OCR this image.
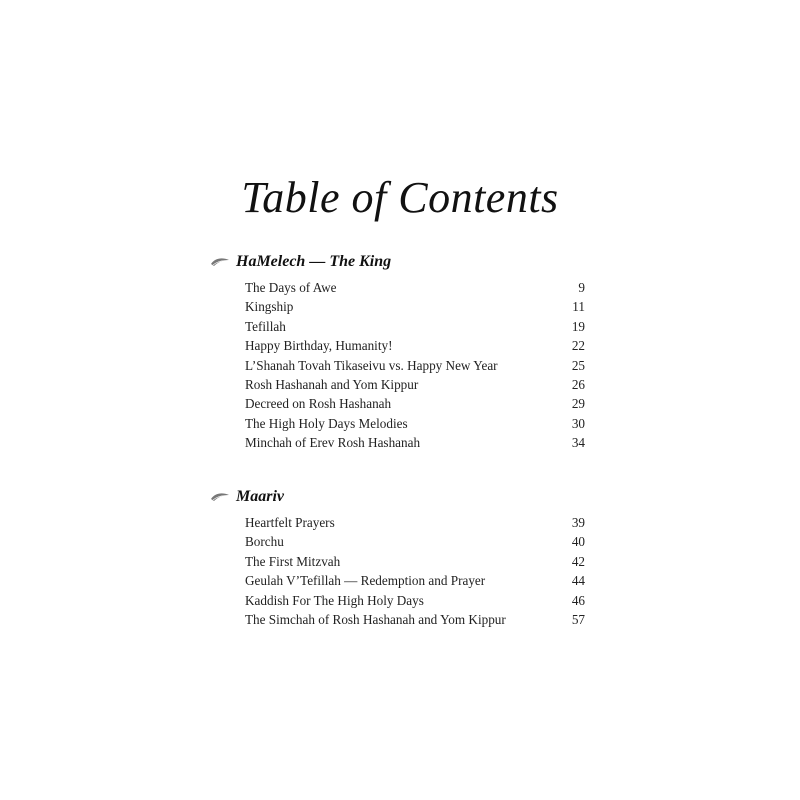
Table of Contents
HaMelech — The King
The Days of Awe	9
Kingship	11
Tefillah	19
Happy Birthday, Humanity!	22
L’Shanah Tovah Tikaseivu vs. Happy New Year	25
Rosh Hashanah and Yom Kippur	26
Decreed on Rosh Hashanah	29
The High Holy Days Melodies	30
Minchah of Erev Rosh Hashanah	34
Maariv
Heartfelt Prayers	39
Borchu	40
The First Mitzvah	42
Geulah V’Tefillah — Redemption and Prayer	44
Kaddish For The High Holy Days	46
The Simchah of Rosh Hashanah and Yom Kippur	57
